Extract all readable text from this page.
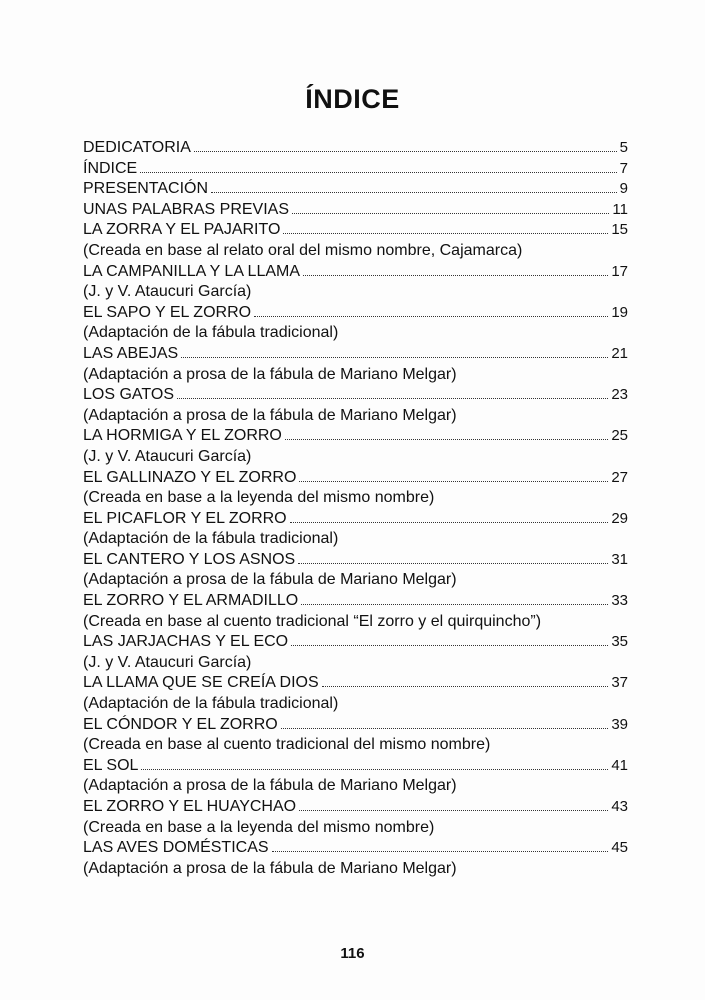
ÍNDICE
DEDICATORIA	5
ÍNDICE	7
PRESENTACIÓN	9
UNAS PALABRAS PREVIAS	11
LA ZORRA Y EL PAJARITO	15
(Creada en base al relato oral del mismo nombre, Cajamarca)
LA CAMPANILLA Y LA LLAMA	17
(J. y V. Ataucuri García)
EL SAPO Y EL ZORRO	19
(Adaptación de la fábula tradicional)
LAS ABEJAS	21
(Adaptación a prosa de la fábula de Mariano Melgar)
LOS GATOS	23
(Adaptación a prosa de la fábula de Mariano Melgar)
LA HORMIGA Y EL ZORRO	25
(J. y V. Ataucuri García)
EL GALLINAZO Y EL ZORRO	27
(Creada en base a la leyenda del mismo nombre)
EL PICAFLOR Y EL ZORRO	29
(Adaptación de la fábula tradicional)
EL CANTERO Y LOS ASNOS	31
(Adaptación a prosa de la fábula de Mariano Melgar)
EL ZORRO Y EL ARMADILLO	33
(Creada en base al cuento tradicional “El zorro y el quirquincho”)
LAS JARJACHAS Y EL ECO	35
(J. y V. Ataucuri García)
LA LLAMA QUE SE CREÍA DIOS	37
(Adaptación de la fábula tradicional)
EL CÓNDOR Y EL ZORRO	39
(Creada en base al cuento tradicional del mismo nombre)
EL SOL	41
(Adaptación a prosa de la fábula de Mariano Melgar)
EL ZORRO Y EL HUAYCHAO	43
(Creada en base a la leyenda del mismo nombre)
LAS AVES DOMÉSTICAS	45
(Adaptación a prosa de la fábula de Mariano Melgar)
116
